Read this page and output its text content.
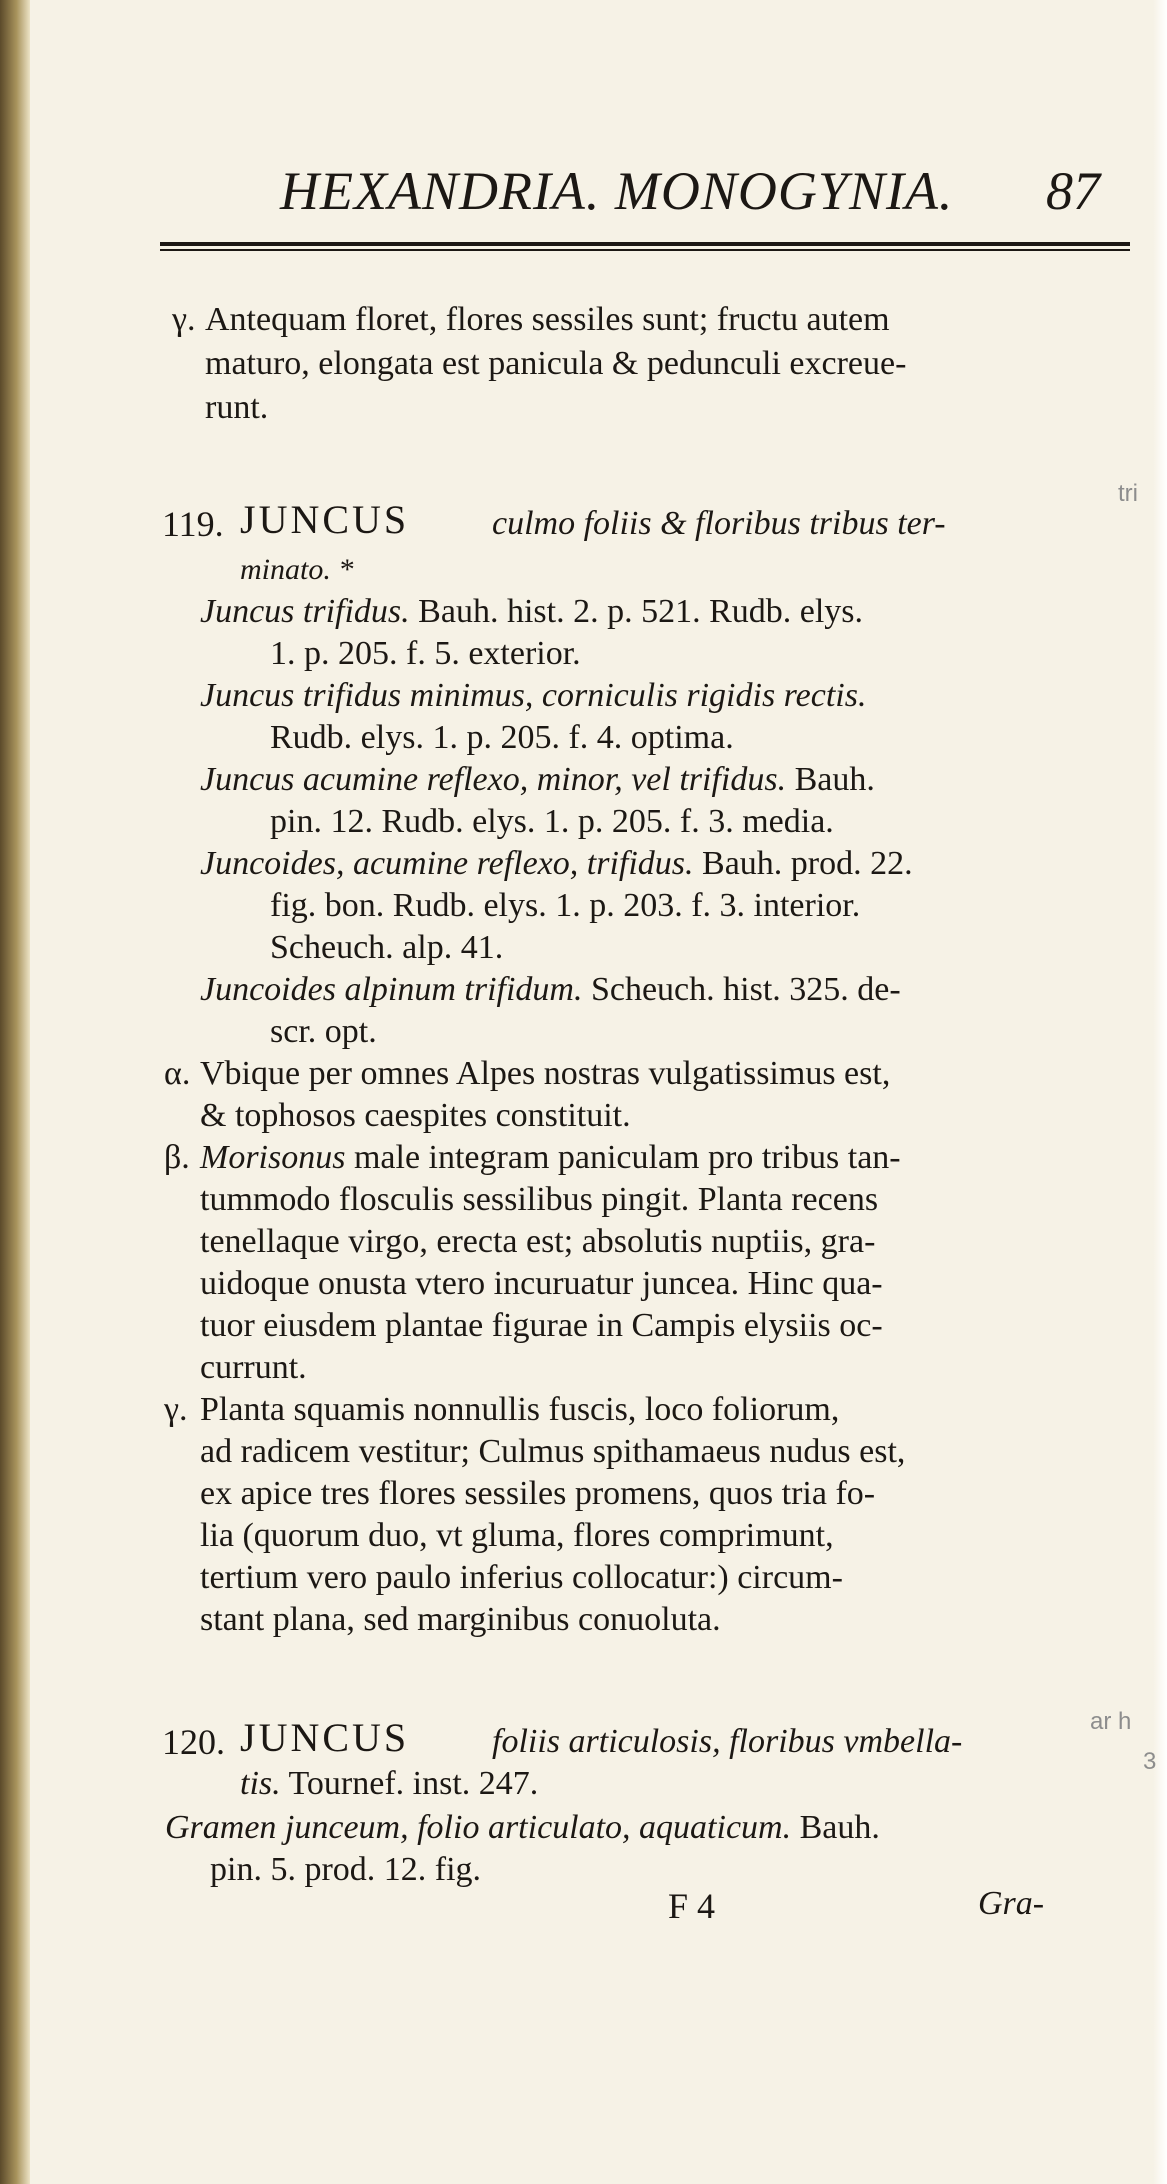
HEXANDRIA. MONOGYNIA. 87
γ. Antequam floret, flores sessiles sunt; fructu autem
maturo, elongata est panicula & pedunculi excreue-
runt.
119. JUNCUS culmo foliis & floribus tribus ter-
minato. *
Juncus trifidus. Bauh. hist. 2. p. 521. Rudb. elys.
1. p. 205. f. 5. exterior.
Juncus trifidus minimus, corniculis rigidis rectis.
Rudb. elys. 1. p. 205. f. 4. optima.
Juncus acumine reflexo, minor, vel trifidus. Bauh.
pin. 12. Rudb. elys. 1. p. 205. f. 3. media.
Juncoides, acumine reflexo, trifidus. Bauh. prod. 22.
fig. bon. Rudb. elys. 1. p. 203. f. 3. interior.
Scheuch. alp. 41.
Juncoides alpinum trifidum. Scheuch. hist. 325. de-
scr. opt.
α. Vbique per omnes Alpes nostras vulgatissimus est,
& tophosos caespites constituit.
β. Morisonus male integram paniculam pro tribus tan-
tummodo flosculis sessilibus pingit. Planta recens
tenellaque virgo, erecta est; absolutis nuptiis, gra-
uidoque onusta vtero incuruatur juncea. Hinc qua-
tuor eiusdem plantae figurae in Campis elysiis oc-
currunt.
γ. Planta squamis nonnullis fuscis, loco foliorum,
ad radicem vestitur; Culmus spithamaeus nudus est,
ex apice tres flores sessiles promens, quos tria fo-
lia (quorum duo, vt gluma, flores comprimunt,
tertium vero paulo inferius collocatur:) circum-
stant plana, sed marginibus conuoluta.
120. JUNCUS foliis articulosis, floribus vmbella-
tis. Tournef. inst. 247.
Gramen junceum, folio articulato, aquaticum. Bauh.
pin. 5. prod. 12. fig.
F 4	Gra-
tri
ar h
3
